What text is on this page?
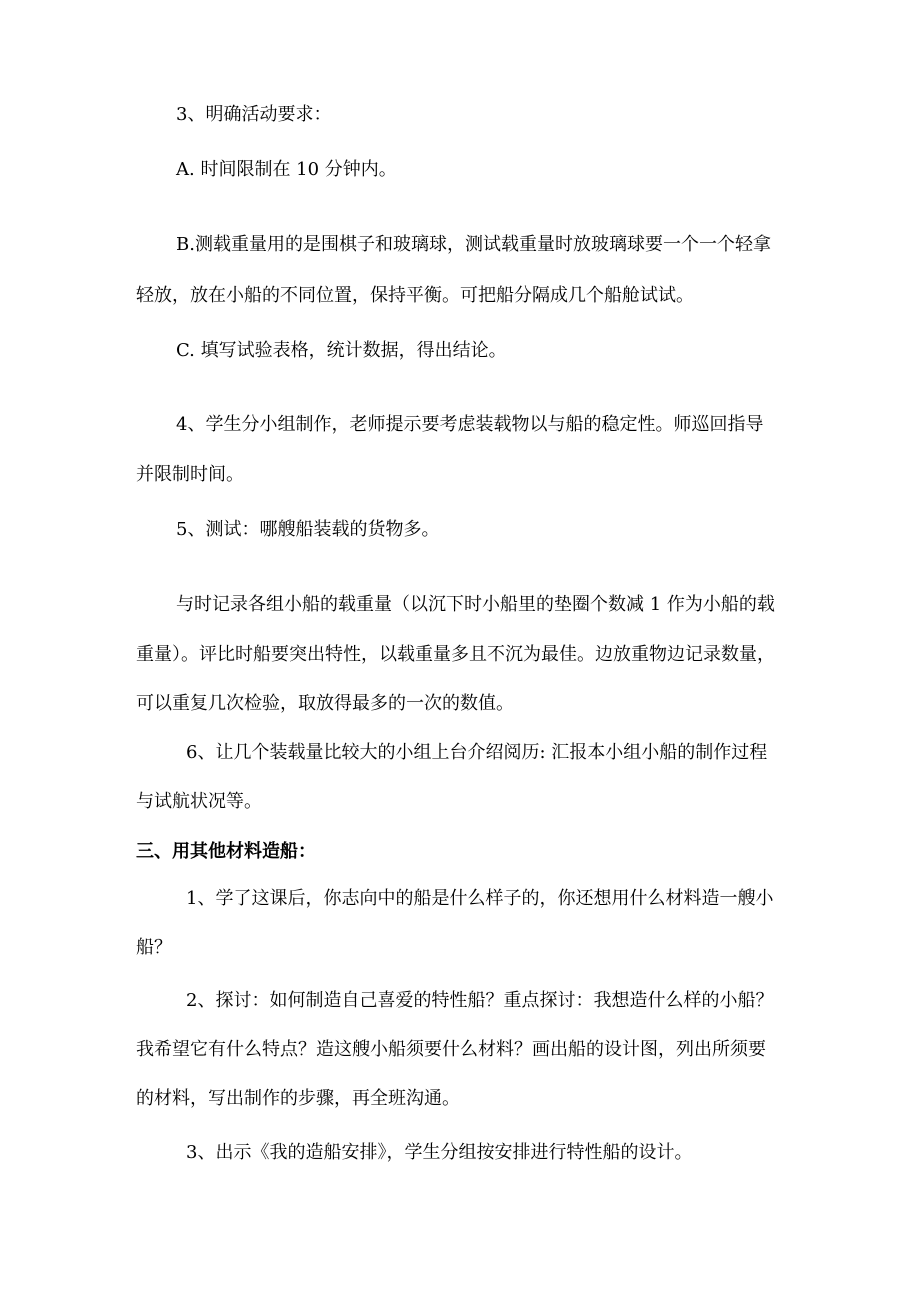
3、明确活动要求：

A. 时间限制在 10 分钟内。

B.测载重量用的是围棋子和玻璃球，测试载重量时放玻璃球要一个一个轻拿

轻放，放在小船的不同位置，保持平衡。可把船分隔成几个船舱试试。

C. 填写试验表格，统计数据，得出结论。

4、学生分小组制作，老师提示要考虑装载物以与船的稳定性。师巡回指导

并限制时间。

5、测试：哪艘船装载的货物多。

与时记录各组小船的载重量（以沉下时小船里的垫圈个数减 1 作为小船的载

重量）。评比时船要突出特性，以载重量多且不沉为最佳。边放重物边记录数量，

可以重复几次检验，取放得最多的一次的数值。

6、让几个装载量比较大的小组上台介绍阅历: 汇报本小组小船的制作过程

与试航状况等。

三、用其他材料造船：

1、学了这课后，你志向中的船是什么样子的，你还想用什么材料造一艘小

船？

2、探讨：如何制造自己喜爱的特性船？重点探讨：我想造什么样的小船？

我希望它有什么特点？造这艘小船须要什么材料？画出船的设计图，列出所须要

的材料，写出制作的步骤，再全班沟通。

3、出示《我的造船安排》，学生分组按安排进行特性船的设计。
